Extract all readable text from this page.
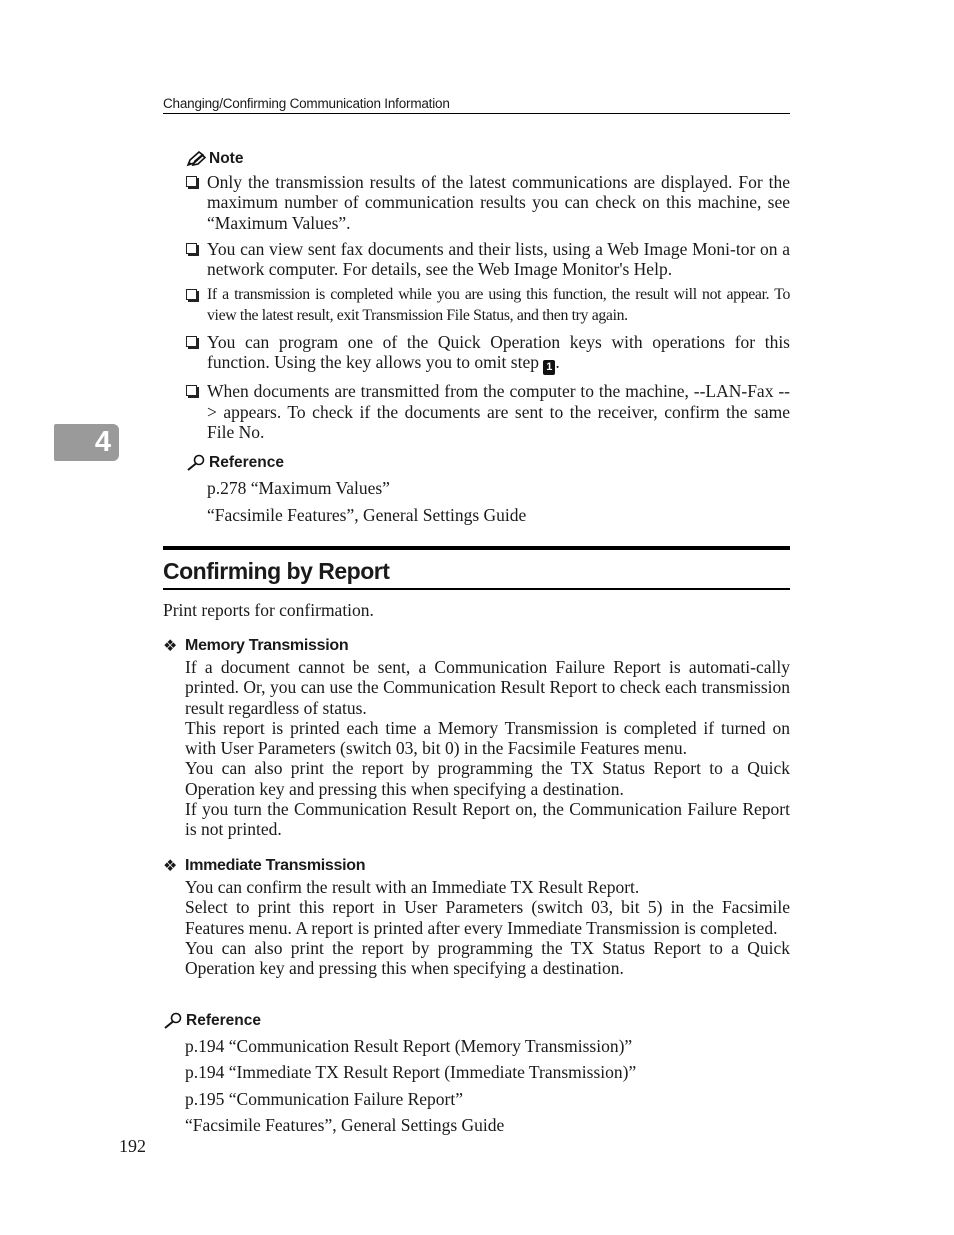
Changing/Confirming Communication Information
4
Note
Only the transmission results of the latest communications are displayed. For the maximum number of communication results you can check on this machine, see “Maximum Values”.
You can view sent fax documents and their lists, using a Web Image Moni-tor on a network computer. For details, see the Web Image Monitor's Help.
If a transmission is completed while you are using this function, the result will not appear. To view the latest result, exit Transmission File Status, and then try again.
You can program one of the Quick Operation keys with operations for this function. Using the key allows you to omit step 1 .
When documents are transmitted from the computer to the machine, --LAN-Fax --> appears. To check if the documents are sent to the receiver, confirm the same File No.
Reference
p.278 “Maximum Values”
“Facsimile Features”, General Settings Guide
Confirming by Report
Print reports for confirmation.
❖ Memory Transmission

If a document cannot be sent, a Communication Failure Report is automati-cally printed. Or, you can use the Communication Result Report to check each transmission result regardless of status.

This report is printed each time a Memory Transmission is completed if turned on with User Parameters (switch 03, bit 0) in the Facsimile Features menu.

You can also print the report by programming the TX Status Report to a Quick Operation key and pressing this when specifying a destination.

If you turn the Communication Result Report on, the Communication Failure Report is not printed.

❖ Immediate Transmission

You can confirm the result with an Immediate TX Result Report.

Select to print this report in User Parameters (switch 03, bit 5) in the Facsimile Features menu. A report is printed after every Immediate Transmission is completed.

You can also print the report by programming the TX Status Report to a Quick Operation key and pressing this when specifying a destination.

Reference
p.194 “Communication Result Report (Memory Transmission)”
p.194 “Immediate TX Result Report (Immediate Transmission)”
p.195 “Communication Failure Report”
“Facsimile Features”, General Settings Guide
192
